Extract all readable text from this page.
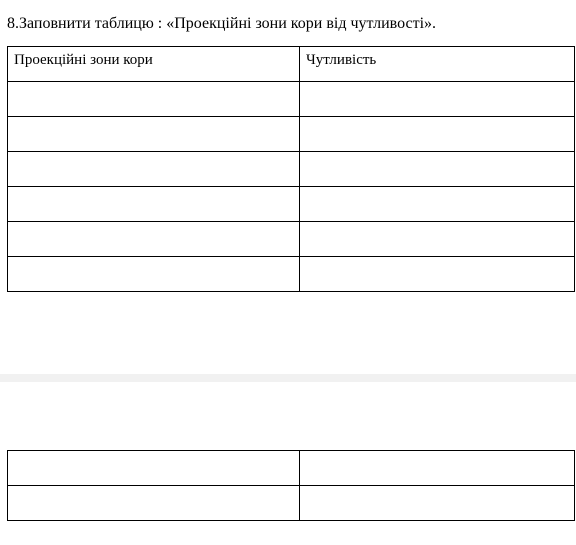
8.Заповнити таблицю : «Проекційні зони кори від чутливості».
Проекційні зони кори	Чутливість
